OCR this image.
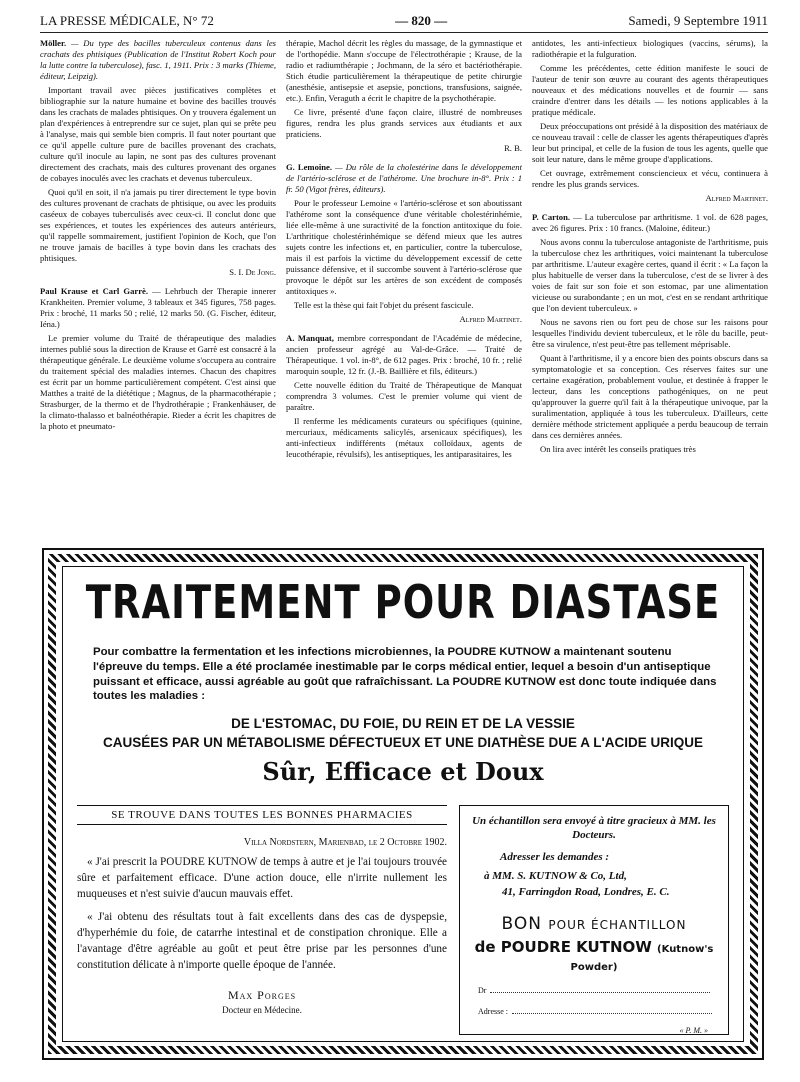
LA PRESSE MÉDICALE, N° 72	— 820 —	Samedi, 9 Septembre 1911

Möller. — Du type des bacilles tuberculeux contenus dans les crachats des phtisiques (Publication de l'Institut Robert Koch pour la lutte contre la tuberculose), fasc. 1, 1911. Prix : 3 marks (Thieme, éditeur, Leipzig).

Important travail avec pièces justificatives complètes et bibliographie sur la nature humaine et bovine des bacilles trouvés dans les crachats de malades phtisiques. On y trouvera également un plan d'expériences à entreprendre sur ce sujet, plan qui se prête peu à l'analyse, mais qui semble bien compris. Il faut noter pourtant que ce qu'il appelle culture pure de bacilles provenant des crachats, culture qu'il inocule au lapin, ne sont pas des cultures provenant directement des crachats, mais des cultures provenant des organes de cobayes inoculés avec les crachats et devenus tuberculeux.

Quoi qu'il en soit, il n'a jamais pu tirer directement le type bovin des cultures provenant de crachats de phtisique, ou avec les produits caséeux de cobayes tuberculisés avec ceux-ci. Il conclut donc que ses expériences, et toutes les expériences des auteurs antérieurs, qu'il rappelle sommairement, justifient l'opinion de Koch, que l'on ne trouve jamais de bacilles à type bovin dans les crachats des phtisiques.

S. I. De Jong.

Paul Krause et Carl Garrè. — Lehrbuch der Therapie innerer Krankheiten. Premier volume, 3 tableaux et 345 figures, 758 pages. Prix : broché, 11 marks 50 ; relié, 12 marks 50. (G. Fischer, éditeur, Iéna.)

Le premier volume du Traité de thérapeutique des maladies internes publié sous la direction de Krause et Garrè est consacré à la thérapeutique générale. Le deuxième volume s'occupera au contraire du traitement spécial des maladies internes. Chacun des chapitres est écrit par un homme particulièrement compétent. C'est ainsi que Matthes a traité de la diététique ; Magnus, de la pharmacothérapie ; Strasburger, de la thermo et de l'hydrothérapie ; Frankenhäuser, de la climato-thalasso et balnéothérapie. Rieder a écrit les chapitres de la photo et pneumato-

thérapie, Machol décrit les règles du massage, de la gymnastique et de l'orthopédie. Mann s'occupe de l'électrothérapie ; Krause, de la radio et radiumthérapie ; Jochmann, de la séro et bactériothérapie. Stich étudie particulièrement la thérapeutique de petite chirurgie (anesthésie, antisepsie et asepsie, ponctions, transfusions, saignée, etc.). Enfin, Veraguth a écrit le chapitre de la psychothérapie.

Ce livre, présenté d'une façon claire, illustré de nombreuses figures, rendra les plus grands services aux étudiants et aux praticiens.

R. B.

G. Lemoine. — Du rôle de la cholestérine dans le développement de l'artério-sclérose et de l'athérome. Une brochure in-8°. Prix : 1 fr. 50 (Vigot frères, éditeurs).

Pour le professeur Lemoine « l'artério-sclérose et son aboutissant l'athérome sont la conséquence d'une véritable cholestérinhémie, liée elle-même à une suractivité de la fonction antitoxique du foie. L'arthritique cholestérinhémique se défend mieux que les autres sujets contre les infections et, en particulier, contre la tuberculose, mais il est parfois la victime du développement excessif de cette puissance défensive, et il succombe souvent à l'artério-sclérose que provoque le dépôt sur les artères de son excédent de composés antitoxiques ».

Telle est la thèse qui fait l'objet du présent fascicule.

Alfred Martinet.

A. Manquat, membre correspondant de l'Académie de médecine, ancien professeur agrégé au Val-de-Grâce. — Traité de Thérapeutique. 1 vol. in-8°, de 612 pages. Prix : broché, 10 fr. ; relié maroquin souple, 12 fr. (J.-B. Baillière et fils, éditeurs.)

Cette nouvelle édition du Traité de Thérapeutique de Manquat comprendra 3 volumes. C'est le premier volume qui vient de paraître.

Il renferme les médicaments curateurs ou spécifiques (quinine, mercuriaux, médicaments salicylés, arsenicaux spécifiques), les anti-infectieux indifférents (métaux colloïdaux, agents de leucothérapie, révulsifs), les antiseptiques, les antiparasitaires, les

antidotes, les anti-infectieux biologiques (vaccins, sérums), la radiothérapie et la fulguration.

Comme les précédentes, cette édition manifeste le souci de l'auteur de tenir son œuvre au courant des agents thérapeutiques nouveaux et des médications nouvelles et de fournir — sans craindre d'entrer dans les détails — les notions applicables à la pratique médicale.

Deux préoccupations ont présidé à la disposition des matériaux de ce nouveau travail : celle de classer les agents thérapeutiques d'après leur but principal, et celle de la fusion de tous les agents, quelle que soit leur nature, dans le même groupe d'applications.

Cet ouvrage, extrêmement consciencieux et vécu, continuera à rendre les plus grands services.

Alfred Martinet.

P. Carton. — La tuberculose par arthritisme. 1 vol. de 628 pages, avec 26 figures. Prix : 10 francs. (Maloine, éditeur.)

Nous avons connu la tuberculose antagoniste de l'arthritisme, puis la tuberculose chez les arthritiques, voici maintenant la tuberculose par arthritisme. L'auteur exagère certes, quand il écrit : « La façon la plus habituelle de verser dans la tuberculose, c'est de se livrer à des voies de fait sur son foie et son estomac, par une alimentation vicieuse ou surabondante ; en un mot, c'est en se rendant arthritique que l'on devient tuberculeux. »

Nous ne savons rien ou fort peu de chose sur les raisons pour lesquelles l'individu devient tuberculeux, et le rôle du bacille, peut-être sa virulence, n'est peut-être pas tellement méprisable.

Quant à l'arthritisme, il y a encore bien des points obscurs dans sa symptomatologie et sa conception. Ces réserves faites sur une certaine exagération, probablement voulue, et destinée à frapper le lecteur, dans les conceptions pathogéniques, on ne peut qu'approuver la guerre qu'il fait à la thérapeutique univoque, par la suralimentation, appliquée à tous les tuberculeux. D'ailleurs, cette dernière méthode strictement appliquée a perdu beaucoup de terrain dans ces dernières années.

On lira avec intérêt les conseils pratiques très

TRAITEMENT POUR DIASTASE
Pour combattre la fermentation et les infections microbiennes, la POUDRE KUTNOW a maintenant soutenu l'épreuve du temps. Elle a été proclamée inestimable par le corps médical entier, lequel a besoin d'un antiseptique puissant et efficace, aussi agréable au goût que rafraîchissant. La POUDRE KUTNOW est donc toute indiquée dans toutes les maladies :
DE L'ESTOMAC, DU FOIE, DU REIN ET DE LA VESSIE
CAUSÉES PAR UN MÉTABOLISME DÉFECTUEUX ET UNE DIATHÈSE DUE A L'ACIDE URIQUE
Sûr, Efficace et Doux
SE TROUVE DANS TOUTES LES BONNES PHARMACIES
Villa Nordstern, Marienbad, le 2 Octobre 1902.

« J'ai prescrit la POUDRE KUTNOW de temps à autre et je l'ai toujours trouvée sûre et parfaitement efficace. D'une action douce, elle n'irrite nullement les muqueuses et n'est suivie d'aucun mauvais effet.

« J'ai obtenu des résultats tout à fait excellents dans des cas de dyspepsie, d'hyperhémie du foie, de catarrhe intestinal et de constipation chronique. Elle a l'avantage d'être agréable au goût et peut être prise par les personnes d'une constitution délicate à n'importe quelle époque de l'année.

Max Porges
Docteur en Médecine.
Un échantillon sera envoyé à titre gracieux à MM. les Docteurs.
Adresser les demandes :
à MM. S. KUTNOW & Co, Ltd,
41, Farringdon Road, Londres, E. C.
BON POUR ÉCHANTILLON
de POUDRE KUTNOW (Kutnow's Powder)
Dr
Adresse :
« P. M. »
